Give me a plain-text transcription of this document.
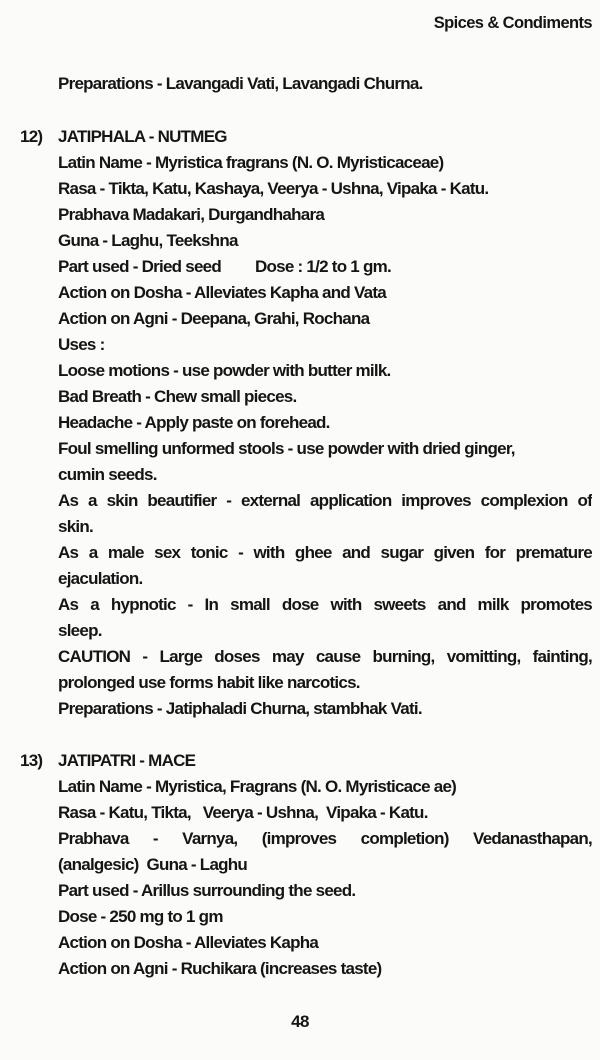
Spices & Condiments
Preparations - Lavangadi Vati, Lavangadi Churna.
12) JATIPHALA - NUTMEG
Latin Name - Myristica fragrans (N. O. Myristicaceae)
Rasa - Tikta, Katu, Kashaya, Veerya - Ushna, Vipaka - Katu.
Prabhava Madakari, Durgandhahara
Guna - Laghu, Teekshna
Part used - Dried seed Dose : 1/2 to 1 gm.
Action on Dosha - Alleviates Kapha and Vata
Action on Agni - Deepana, Grahi, Rochana
Uses :
Loose motions - use powder with butter milk.
Bad Breath - Chew small pieces.
Headache - Apply paste on forehead.
Foul smelling unformed stools - use powder with dried ginger,
cumin seeds.
As a skin beautifier - external application improves complexion of
skin.
As a male sex tonic - with ghee and sugar given for premature
ejaculation.
As a hypnotic - In small dose with sweets and milk promotes
sleep.
CAUTION - Large doses may cause burning, vomitting, fainting,
prolonged use forms habit like narcotics.
Preparations - Jatiphaladi Churna, stambhak Vati.
13) JATIPATRI - MACE
Latin Name - Myristica, Fragrans (N. O. Myristicace ae)
Rasa - Katu, Tikta,   Veerya - Ushna,  Vipaka - Katu.
Prabhava - Varnya, (improves completion) Vedanasthapan,
(analgesic)  Guna - Laghu
Part used - Arillus surrounding the seed.
Dose - 250 mg to 1 gm
Action on Dosha - Alleviates Kapha
Action on Agni - Ruchikara (increases taste)
48
